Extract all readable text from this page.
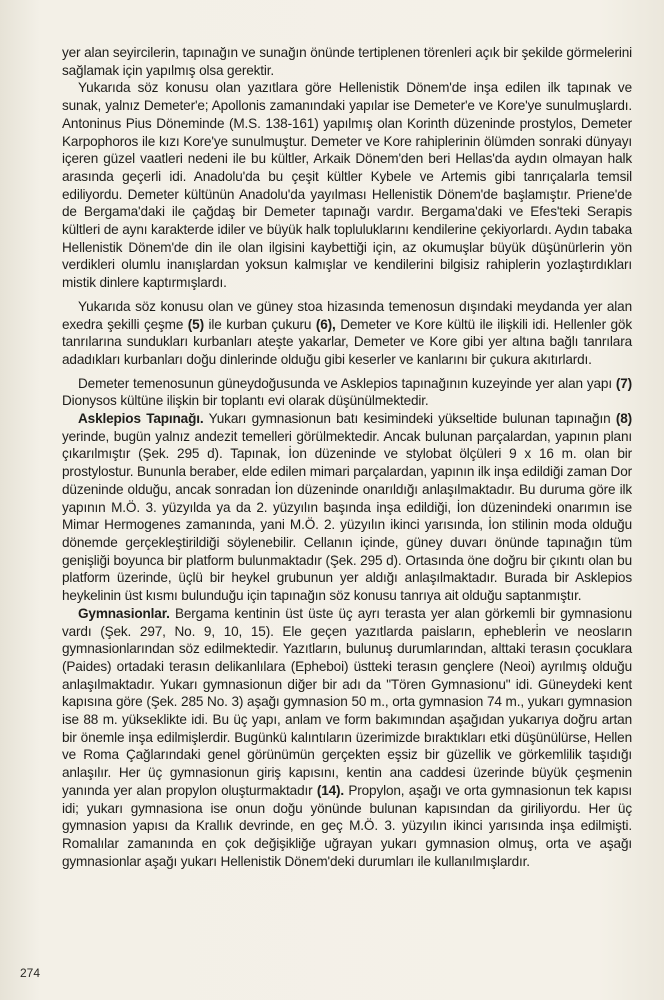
yer alan seyircilerin, tapınağın ve sunağın önünde tertiplenen törenleri açık bir şekilde görmelerini sağlamak için yapılmış olsa gerektir.

Yukarıda söz konusu olan yazıtlara göre Hellenistik Dönem'de inşa edilen ilk tapınak ve sunak, yalnız Demeter'e; Apollonis zamanındaki yapılar ise Demeter'e ve Kore'ye sunulmuşlardı. Antoninus Pius Döneminde (M.S. 138-161) yapılmış olan Korinth düzeninde prostylos, Demeter Karpophoros ile kızı Kore'ye sunulmuştur. Demeter ve Kore rahiplerinin ölümden sonraki dünyayı içeren güzel vaatleri nedeni ile bu kültler, Arkaik Dönem'den beri Hellas'da aydın olmayan halk arasında geçerli idi. Anadolu'da bu çeşit kültler Kybele ve Artemis gibi tanrıçalarla temsil ediliyordu. Demeter kültünün Anadolu'da yayılması Hellenistik Dönem'de başlamıştır. Priene'de de Bergama'daki ile çağdaş bir Demeter tapınağı vardır. Bergama'daki ve Efes'teki Serapis kültleri de aynı karakterde idiler ve büyük halk topluluklarını kendilerine çekiyorlardı. Aydın tabaka Hellenistik Dönem'de din ile olan ilgisini kaybettiği için, az okumuşlar büyük düşünürlerin yön verdikleri olumlu inanışlardan yoksun kalmışlar ve kendilerini bilgisiz rahiplerin yozlaştırdıkları mistik dinlere kaptırmışlardı.

Yukarıda söz konusu olan ve güney stoa hizasında temenosun dışındaki meydanda yer alan exedra şekilli çeşme (5) ile kurban çukuru (6), Demeter ve Kore kültü ile ilişkili idi. Hellenler gök tanrılarına sundukları kurbanları ateşte yakarlar, Demeter ve Kore gibi yer altına bağlı tanrılara adadıkları kurbanları doğu dinlerinde olduğu gibi keserler ve kanlarını bir çukura akıtırlardı.

Demeter temenosunun güneydoğusunda ve Asklepios tapınağının kuzeyinde yer alan yapı (7) Dionysos kültüne ilişkin bir toplantı evi olarak düşünülmektedir.

Asklepios Tapınağı. Yukarı gymnasionun batı kesimindeki yükseltide bulunan tapınağın (8) yerinde, bugün yalnız andezit temelleri görülmektedir. Ancak bulunan parçalardan, yapının planı çıkarılmıştır (Şek. 295 d). Tapınak, İon düzeninde ve stylobat ölçüleri 9 x 16 m. olan bir prostylostur. Bununla beraber, elde edilen mimari parçalardan, yapının ilk inşa edildiği zaman Dor düzeninde olduğu, ancak sonradan İon düzeninde onarıldığı anlaşılmaktadır. Bu duruma göre ilk yapının M.Ö. 3. yüzyılda ya da 2. yüzyılın başında inşa edildiği, İon düzenindeki onarımın ise Mimar Hermogenes zamanında, yani M.Ö. 2. yüzyılın ikinci yarısında, İon stilinin moda olduğu dönemde gerçekleştirildiği söylenebilir. Cellanın içinde, güney duvarı önünde tapınağın tüm genişliği boyunca bir platform bulunmaktadır (Şek. 295 d). Ortasında öne doğru bir çıkıntı olan bu platform üzerinde, üçlü bir heykel grubunun yer aldığı anlaşılmaktadır. Burada bir Asklepios heykelinin üst kısmı bulunduğu için tapınağın söz konusu tanrıya ait olduğu saptanmıştır.

Gymnasionlar. Bergama kentinin üst üste üç ayrı terasta yer alan görkemli bir gymnasionu vardı (Şek. 297, No. 9, 10, 15). Ele geçen yazıtlarda paisların, ephebleri̇n ve neosların gymnasionlarından söz edilmektedir. Yazıtların, bulunuş durumlarından, alttaki terasın çocuklara (Paides) ortadaki terasın delikanlılara (Epheboi) üstteki terasın gençlere (Neoi) ayrılmış olduğu anlaşılmaktadır. Yukarı gymnasionun diğer bir adı da "Tören Gymnasionu" idi. Güneydeki kent kapısına göre (Şek. 285 No. 3) aşağı gymnasion 50 m., orta gymnasion 74 m., yukarı gymnasion ise 88 m. yükseklikte idi. Bu üç yapı, anlam ve form bakımından aşağıdan yukarıya doğru artan bir önemle inşa edilmişlerdir. Bugünkü kalıntıların üzerimizde bıraktıkları etki düşünülürse, Hellen ve Roma Çağlarındaki genel görünümün gerçekten eşsiz bir güzellik ve görkemlilik taşıdığı anlaşılır. Her üç gymnasionun giriş kapısını, kentin ana caddesi üzerinde büyük çeşmenin yanında yer alan propylon oluşturmaktadır (14). Propylon, aşağı ve orta gymnasionun tek kapısı idi; yukarı gymnasiona ise onun doğu yönünde bulunan kapısından da giriliyordu. Her üç gymnasion yapısı da Krallık devrinde, en geç M.Ö. 3. yüzyılın ikinci yarısında inşa edilmişti. Romalılar zamanında en çok değişikliğe uğrayan yukarı gymnasion olmuş, orta ve aşağı gymnasionlar aşağı yukarı Hellenistik Dönem'deki durumları ile kullanılmışlardır.

274
